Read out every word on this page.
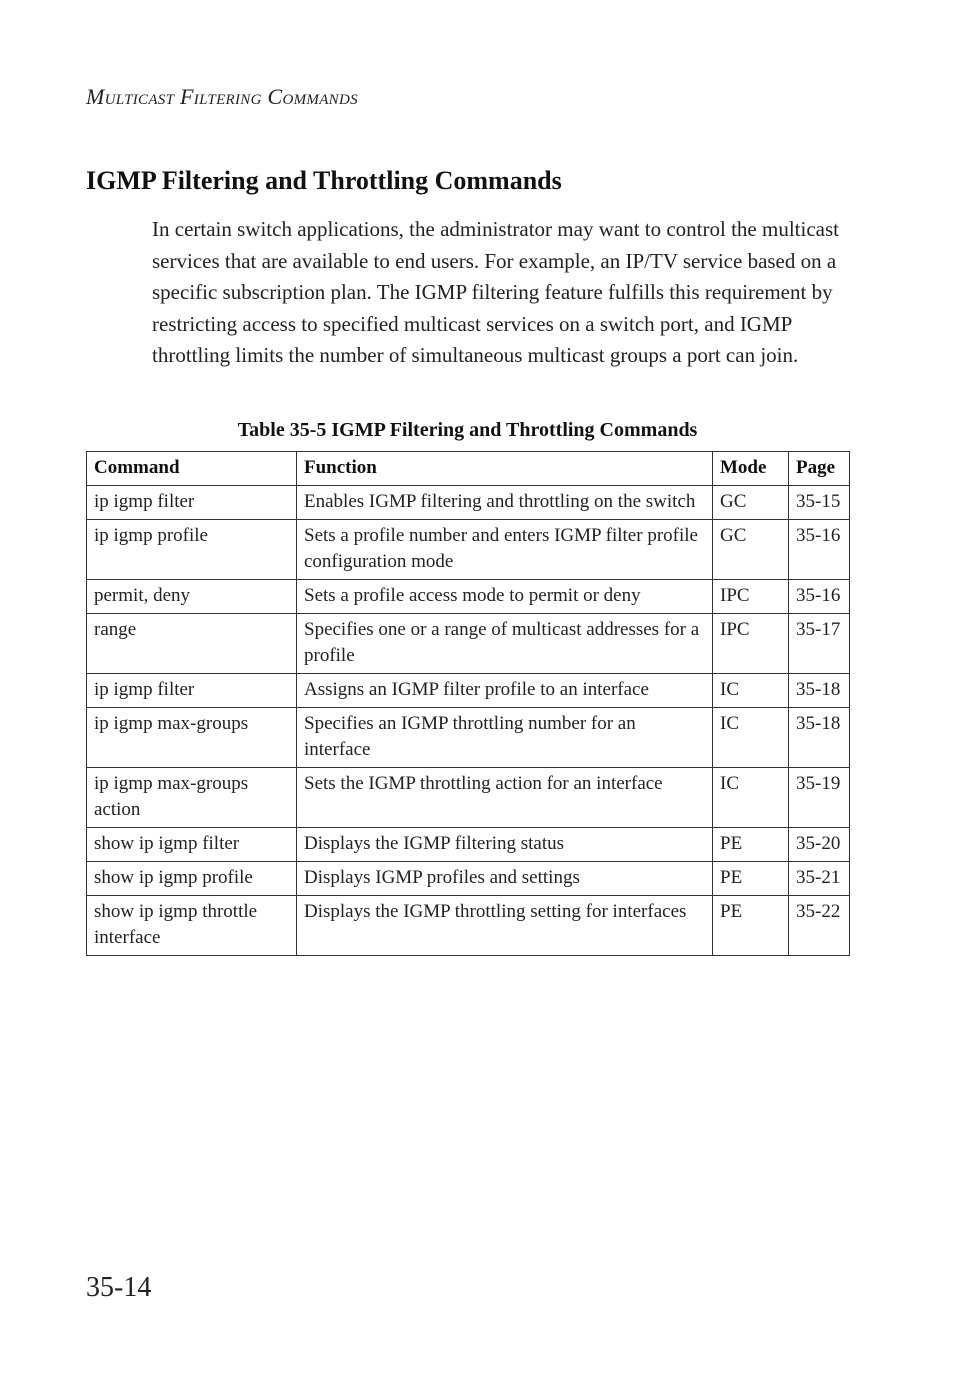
Multicast Filtering Commands
IGMP Filtering and Throttling Commands

In certain switch applications, the administrator may want to control the multicast services that are available to end users. For example, an IP/TV service based on a specific subscription plan. The IGMP filtering feature fulfills this requirement by restricting access to specified multicast services on a switch port, and IGMP throttling limits the number of simultaneous multicast groups a port can join.

Table 35-5 IGMP Filtering and Throttling Commands
Command	Function	Mode	Page
ip igmp filter	Enables IGMP filtering and throttling on the switch	GC	35-15
ip igmp profile	Sets a profile number and enters IGMP filter profile configuration mode	GC	35-16
permit, deny	Sets a profile access mode to permit or deny	IPC	35-16
range	Specifies one or a range of multicast addresses for a profile	IPC	35-17
ip igmp filter	Assigns an IGMP filter profile to an interface	IC	35-18
ip igmp max-groups	Specifies an IGMP throttling number for an interface	IC	35-18
ip igmp max-groups action	Sets the IGMP throttling action for an interface	IC	35-19
show ip igmp filter	Displays the IGMP filtering status	PE	35-20
show ip igmp profile	Displays IGMP profiles and settings	PE	35-21
show ip igmp throttle interface	Displays the IGMP throttling setting for interfaces	PE	35-22
35-14
